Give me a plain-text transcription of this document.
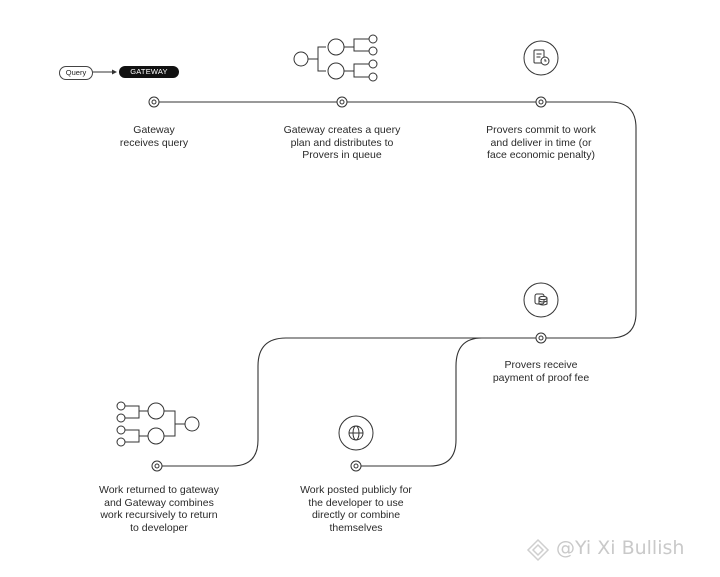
Query	GATEWAY
Gateway
receives query
Gateway creates a query
plan and distributes to
Provers in queue
Provers commit to work
and deliver in time (or
face economic penalty)
Provers receive
payment of proof fee
Work posted publicly for
the developer to use
directly or combine
themselves
Work returned to gateway
and Gateway combines
work recursively to return
to developer
@Yi Xi Bullish
